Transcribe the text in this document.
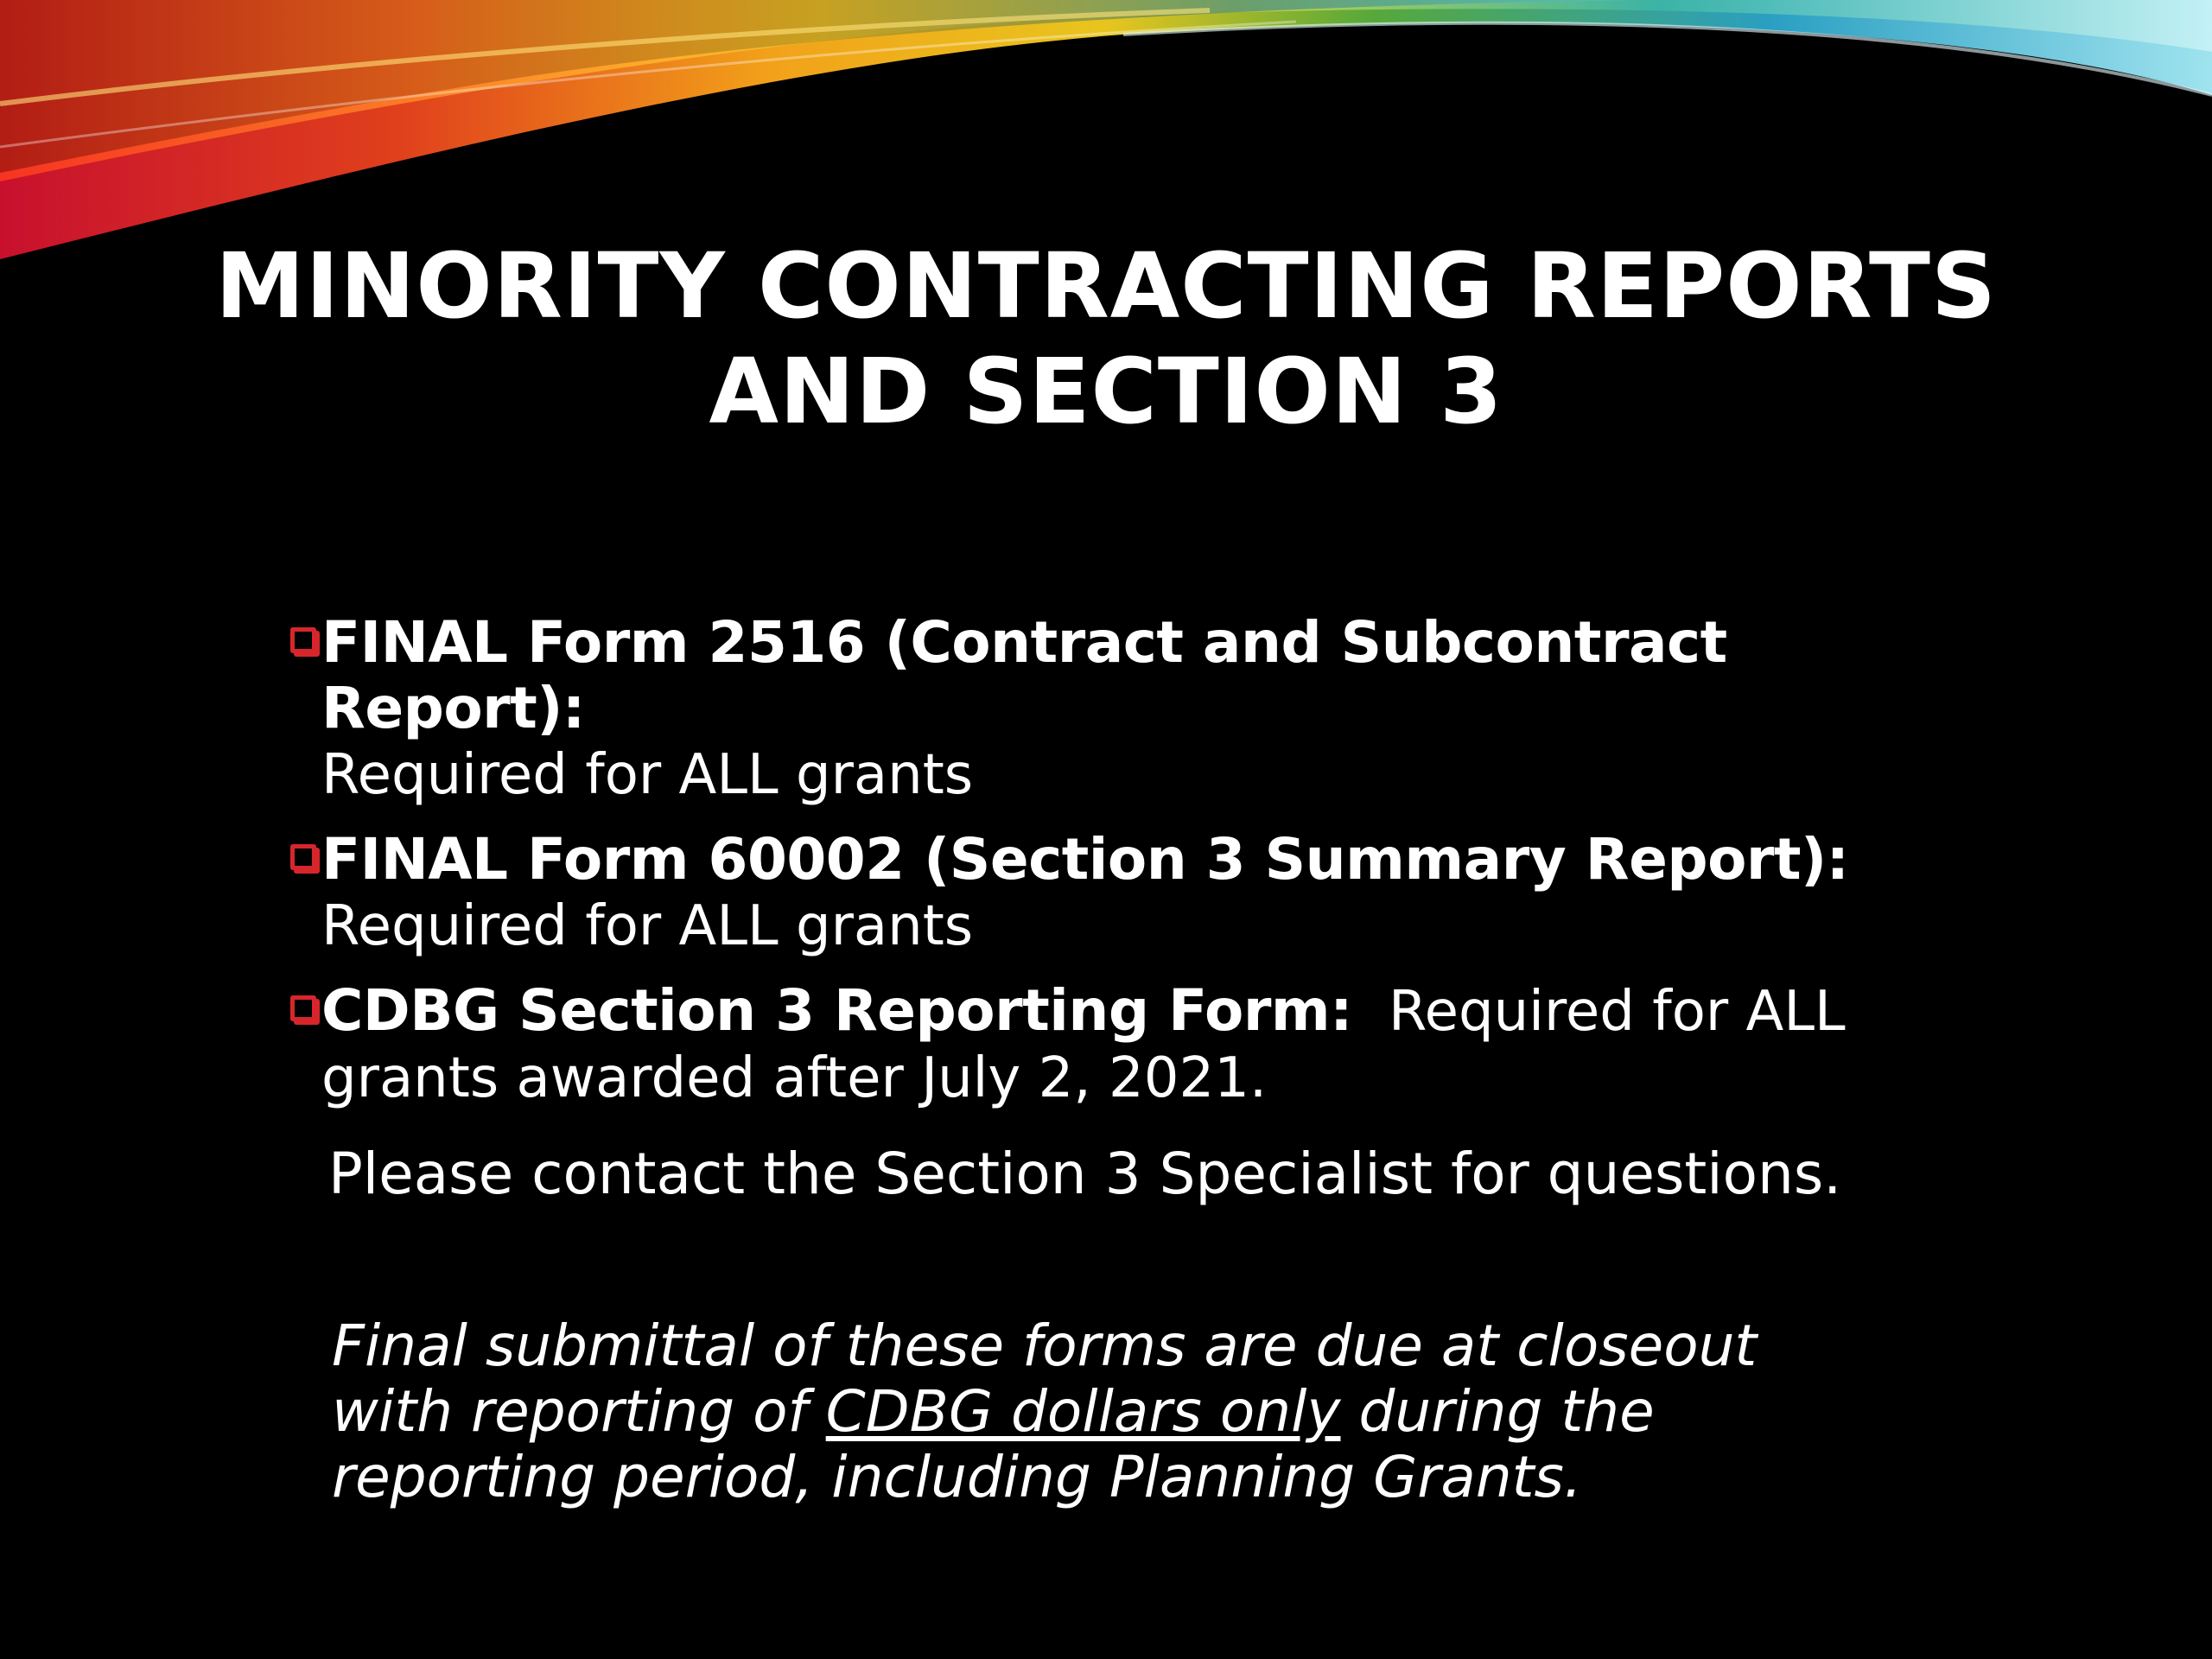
MINORITY CONTRACTING REPORTS
AND SECTION 3
FINAL Form 2516 (Contract and Subcontract Report):
Required for ALL grants
FINAL Form 60002 (Section 3 Summary Report):
Required for ALL grants
CDBG Section 3 Reporting Form: Required for ALL grants awarded after July 2, 2021.

Please contact the Section 3 Specialist for questions.

Final submittal of these forms are due at closeout with reporting of CDBG dollars only during the reporting period, including Planning Grants.
